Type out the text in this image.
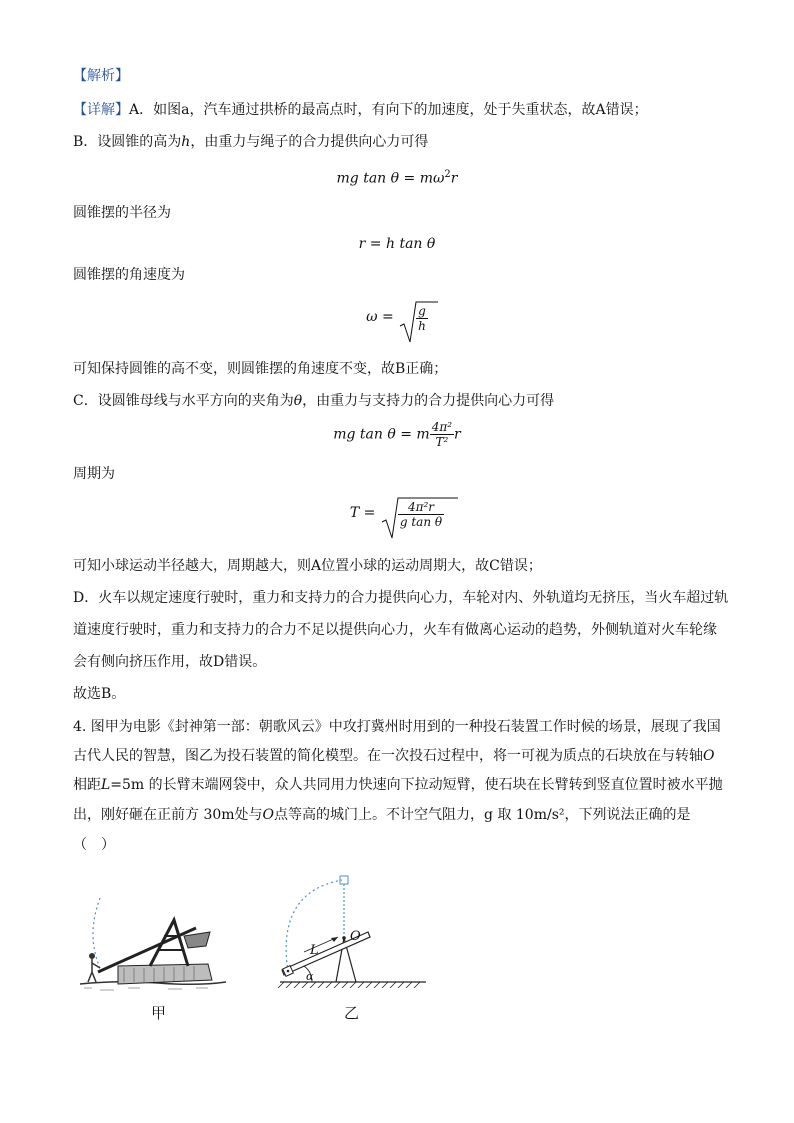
【解析】
【详解】A．如图a，汽车通过拱桥的最高点时，有向下的加速度，处于失重状态，故A错误；
B．设圆锥的高为h，由重力与绳子的合力提供向心力可得
mg $\tan \theta = m\omega^2r$
圆锥摆的半径为
r = h tan θ
圆锥摆的角速度为
$\omega = \frac{g}{h}$
可知保持圆锥的高不变，则圆锥摆的角速度不变，故B正确；
C．设圆锥母线与水平方向的夹角为θ，由重力与支持力的合力提供向心力可得
mg tan θ = m $\frac{\text{4π²}}{\text{T²}}$ r
周期为
$T = \frac{\text{4π²r}}{\text{g tan θ}}$
可知小球运动半径越大，周期越大，则A位置小球的运动周期大，故C错误；
D．火车以规定速度行驶时，重力和支持力的合力提供向心力，车轮对内、外轨道均无挤压，当火车超过轨
道速度行驶时，重力和支持力的合力不足以提供向心力，火车有做离心运动的趋势，外侧轨道对火车轮缘
会有侧向挤压作用，故D错误。
故选B。
4. 图甲为电影《封神第一部：朝歌风云》中攻打冀州时用到的一种投石装置工作时候的场景，展现了我国
古代人民的智慧，图乙为投石装置的简化模型。在一次投石过程中，将一可视为质点的石块放在与转轴O
相距L=5m 的长臂末端网袋中，众人共同用力快速向下拉动短臂，使石块在长臂转到竖直位置时被水平抛
出，刚好砸在正前方 30m处与O点等高的城门上。不计空气阻力，g 取 10m/s²，下列说法正确的是
（　）
甲
L
O
α
乙
